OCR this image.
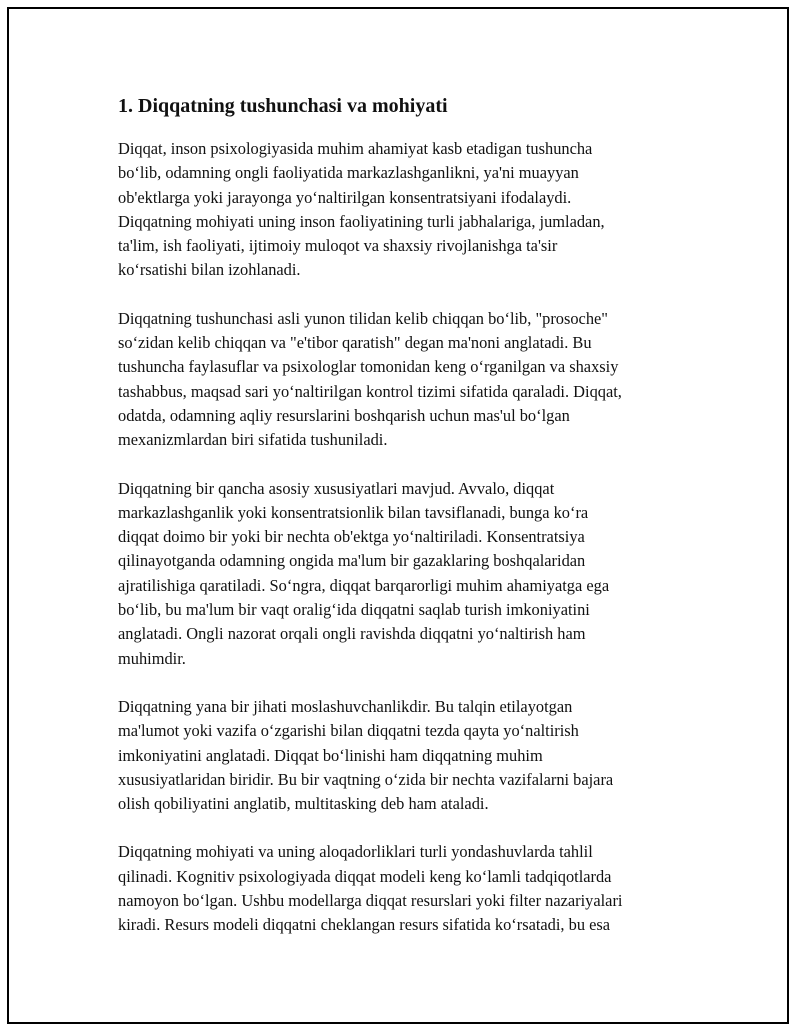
1. Diqqatning tushunchasi va mohiyati

Diqqat, inson psixologiyasida muhim ahamiyat kasb etadigan tushuncha
bo‘lib, odamning ongli faoliyatida markazlashganlikni, ya'ni muayyan
ob'ektlarga yoki jarayonga yo‘naltirilgan konsentratsiyani ifodalaydi.
Diqqatning mohiyati uning inson faoliyatining turli jabhalariga, jumladan,
ta'lim, ish faoliyati, ijtimoiy muloqot va shaxsiy rivojlanishga ta'sir
ko‘rsatishi bilan izohlanadi.

Diqqatning tushunchasi asli yunon tilidan kelib chiqqan bo‘lib, "prosoche"
so‘zidan kelib chiqqan va "e'tibor qaratish" degan ma'noni anglatadi. Bu
tushuncha faylasuflar va psixologlar tomonidan keng o‘rganilgan va shaxsiy
tashabbus, maqsad sari yo‘naltirilgan kontrol tizimi sifatida qaraladi. Diqqat,
odatda, odamning aqliy resurslarini boshqarish uchun mas'ul bo‘lgan
mexanizmlardan biri sifatida tushuniladi.

Diqqatning bir qancha asosiy xususiyatlari mavjud. Avvalo, diqqat
markazlashganlik yoki konsentratsionlik bilan tavsiflanadi, bunga ko‘ra
diqqat doimo bir yoki bir nechta ob'ektga yo‘naltiriladi. Konsentratsiya
qilinayotganda odamning ongida ma'lum bir gazaklaring boshqalaridan
ajratilishiga qaratiladi. So‘ngra, diqqat barqarorligi muhim ahamiyatga ega
bo‘lib, bu ma'lum bir vaqt oralig‘ida diqqatni saqlab turish imkoniyatini
anglatadi. Ongli nazorat orqali ongli ravishda diqqatni yo‘naltirish ham
muhimdir.

Diqqatning yana bir jihati moslashuvchanlikdir. Bu talqin etilayotgan
ma'lumot yoki vazifa o‘zgarishi bilan diqqatni tezda qayta yo‘naltirish
imkoniyatini anglatadi. Diqqat bo‘linishi ham diqqatning muhim
xususiyatlaridan biridir. Bu bir vaqtning o‘zida bir nechta vazifalarni bajara
olish qobiliyatini anglatib, multitasking deb ham ataladi.

Diqqatning mohiyati va uning aloqadorliklari turli yondashuvlarda tahlil
qilinadi. Kognitiv psixologiyada diqqat modeli keng ko‘lamli tadqiqotlarda
namoyon bo‘lgan. Ushbu modellarga diqqat resurslari yoki filter nazariyalari
kiradi. Resurs modeli diqqatni cheklangan resurs sifatida ko‘rsatadi, bu esa
